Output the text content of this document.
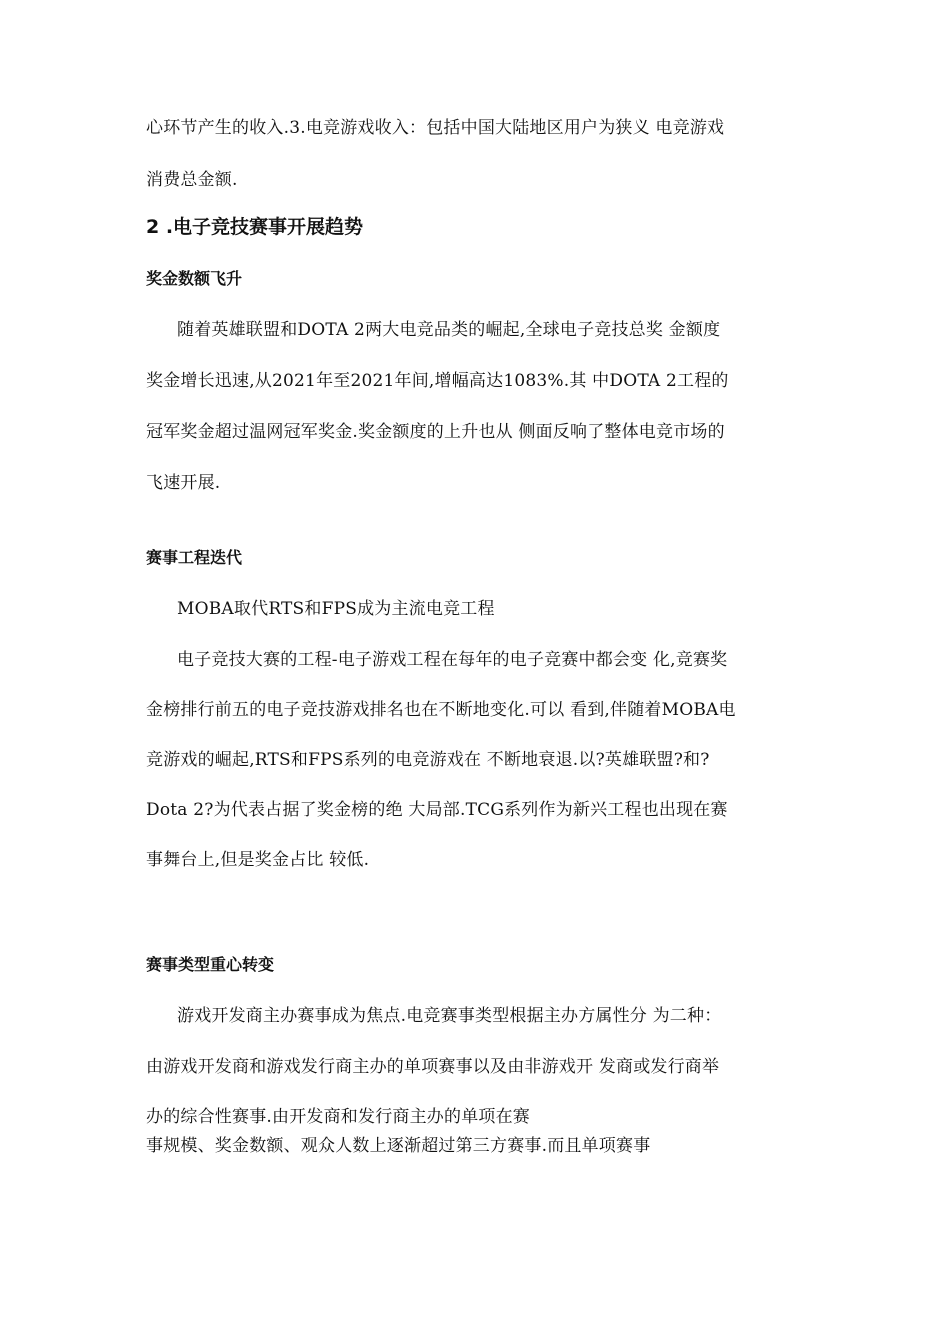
心环节产生的收入.3.电竞游戏收入：包括中国大陆地区用户为狭义 电竞游戏
消费总金额.
2 .电子竞技赛事开展趋势
奖金数额飞升
随着英雄联盟和DOTA 2两大电竞品类的崛起,全球电子竞技总奖 金额度
奖金增长迅速,从2021年至2021年间,增幅高达1083%.其 中DOTA 2工程的
冠军奖金超过温网冠军奖金.奖金额度的上升也从 侧面反响了整体电竞市场的
飞速开展.
赛事工程迭代
MOBA取代RTS和FPS成为主流电竞工程
电子竞技大赛的工程-电子游戏工程在每年的电子竞赛中都会变 化,竞赛奖
金榜排行前五的电子竞技游戏排名也在不断地变化.可以 看到,伴随着MOBA电
竞游戏的崛起,RTS和FPS系列的电竞游戏在 不断地衰退.以?英雄联盟?和?
Dota 2?为代表占据了奖金榜的绝 大局部.TCG系列作为新兴工程也出现在赛
事舞台上,但是奖金占比 较低.
赛事类型重心转变
游戏开发商主办赛事成为焦点.电竞赛事类型根据主办方属性分 为二种：
由游戏开发商和游戏发行商主办的单项赛事以及由非游戏开 发商或发行商举
办的综合性赛事.由开发商和发行商主办的单项在赛
事规模、奖金数额、观众人数上逐渐超过第三方赛事.而且单项赛事
